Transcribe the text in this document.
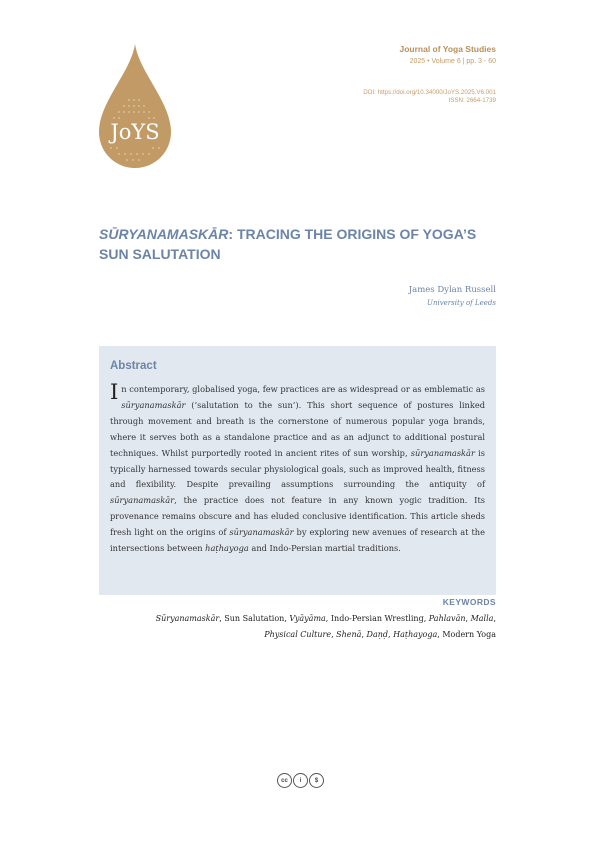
JoYS
Journal of Yoga Studies
2025 • Volume 6 | pp. 3 - 60
DOI: https://doi.org/10.34000/JoYS.2025.V6.001
ISSN: 2664-1739
SŪRYANAMASKĀR: TRACING THE ORIGINS OF YOGA’S SUN SALUTATION
James Dylan Russell
University of Leeds
Abstract
In contemporary, globalised yoga, few practices are as widespread or as emblematic as sūryanamaskār (‘salutation to the sun’). This short sequence of postures linked through movement and breath is the cornerstone of numerous popular yoga brands, where it serves both as a standalone practice and as an adjunct to additional postural techniques. Whilst purportedly rooted in ancient rites of sun worship, sūryanamaskār is typically harnessed towards secular physiological goals, such as improved health, fitness and flexibility. Despite prevailing assumptions surrounding the antiquity of sūryanamaskār, the practice does not feature in any known yogic tradition. Its provenance remains obscure and has eluded conclusive identification. This article sheds fresh light on the origins of sūryanamaskār by exploring new avenues of research at the intersections between haṭhayoga and Indo-Persian martial traditions.
KEYWORDS
Sūryanamaskār, Sun Salutation, Vyāyāma, Indo-Persian Wrestling, Pahlavān, Malla, Physical Culture, Shenā, Daṇḍ, Haṭhayoga, Modern Yoga
cc	i	$
